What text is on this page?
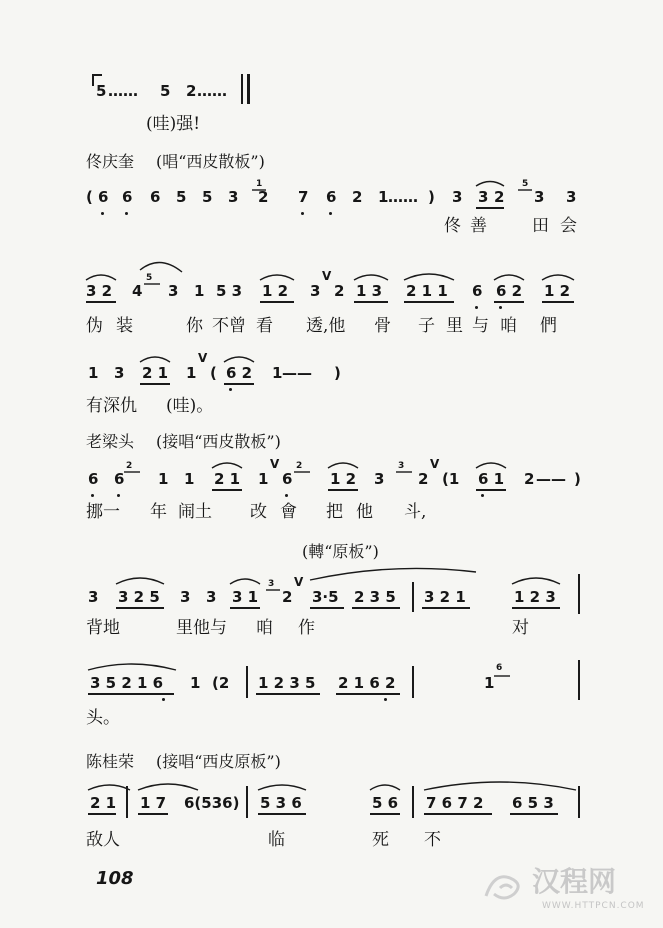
5 …… 5 2 ……
(哇)强!
佟庆奎 (唱“西皮散板”)
( 6 6 6 5 5 3
1
2 7 6 2 1 …… ) 3 3 2
5
3 3
佟 善	田 会
3 2 4
5
3 1 5 3 1 2 3
V
2 1 3 2 1 1 6 6 2 1 2
伪 装	你 不曾 看 透,他 骨 子 里 与 咱 們
1 3 2 1 1
V
( 6 2 1 —— )
有深仇 (哇)。
老梁头 (接唱“西皮散板”)
6 6
2
1 1 2 1 1
V
6
2
1 2 3
3
2
V
(1 6 1 2 —— )
挪一 年 闹土 改 會 把 他 斗,
(轉“原板”)
3 3 2 5 3 3 3 1
3
2
V
3·5 2 3 5 3 2 1	1 2 3
背地	里他与 咱 作	对
3 5 2 1 6 1 (2 1 2 3 5 2 1 6 2	1
6
头。
陈桂荣 (接唱“西皮原板”)
2 1 1 7 6(536) 5 3 6	5 6 7 6 7 2 6 5 3
敌人	临	死 不
108	汉程网
WWW.HTTPCN.COM
